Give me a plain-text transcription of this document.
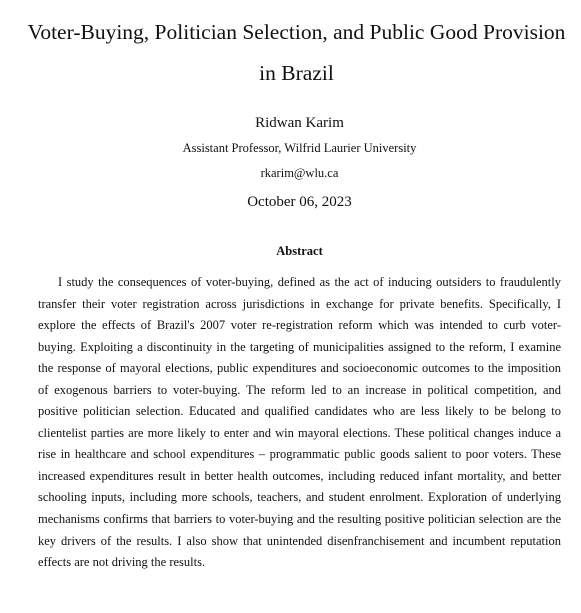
Voter-Buying, Politician Selection, and Public Good Provision in Brazil
Ridwan Karim
Assistant Professor, Wilfrid Laurier University
rkarim@wlu.ca
October 06, 2023
Abstract

I study the consequences of voter-buying, defined as the act of inducing outsiders to fraudulently transfer their voter registration across jurisdictions in exchange for private benefits. Specifically, I explore the effects of Brazil's 2007 voter re-registration reform which was intended to curb voter-buying. Exploiting a discontinuity in the targeting of municipalities assigned to the reform, I examine the response of mayoral elections, public expenditures and socioeconomic outcomes to the imposition of exogenous barriers to voter-buying. The reform led to an increase in political competition, and positive politician selection. Educated and qualified candidates who are less likely to be belong to clientelist parties are more likely to enter and win mayoral elections. These political changes induce a rise in healthcare and school expenditures – programmatic public goods salient to poor voters. These increased expenditures result in better health outcomes, including reduced infant mortality, and better schooling inputs, including more schools, teachers, and student enrolment. Exploration of underlying mechanisms confirms that barriers to voter-buying and the resulting positive politician selection are the key drivers of the results. I also show that unintended disenfranchisement and incumbent reputation effects are not driving the results.
